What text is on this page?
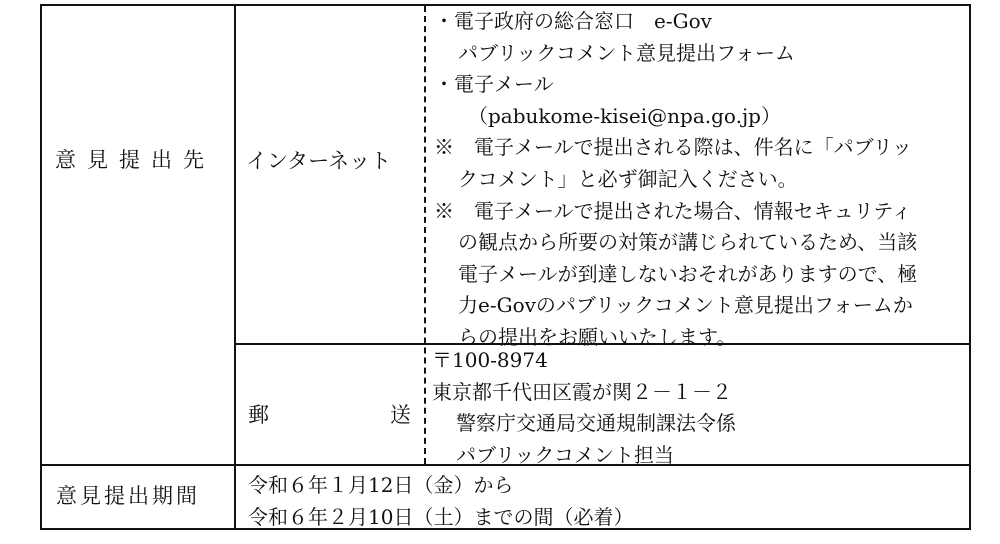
意見提出先
意見提出期間
インターネット
郵	送
・電子政府の総合窓口　e-Gov
パブリックコメント意見提出フォーム
・電子メール
（pabukome-kisei@npa.go.jp）
※　電子メールで提出される際は、件名に「パブリッ
クコメント」と必ず御記入ください。
※　電子メールで提出された場合、情報セキュリティ
の観点から所要の対策が講じられているため、当該
電子メールが到達しないおそれがありますので、極
力e-Govのパブリックコメント意見提出フォームか
らの提出をお願いいたします。
〒100-8974
東京都千代田区霞が関２－１－２
警察庁交通局交通規制課法令係
パブリックコメント担当
令和６年１月12日（金）から
令和６年２月10日（土）までの間（必着）
